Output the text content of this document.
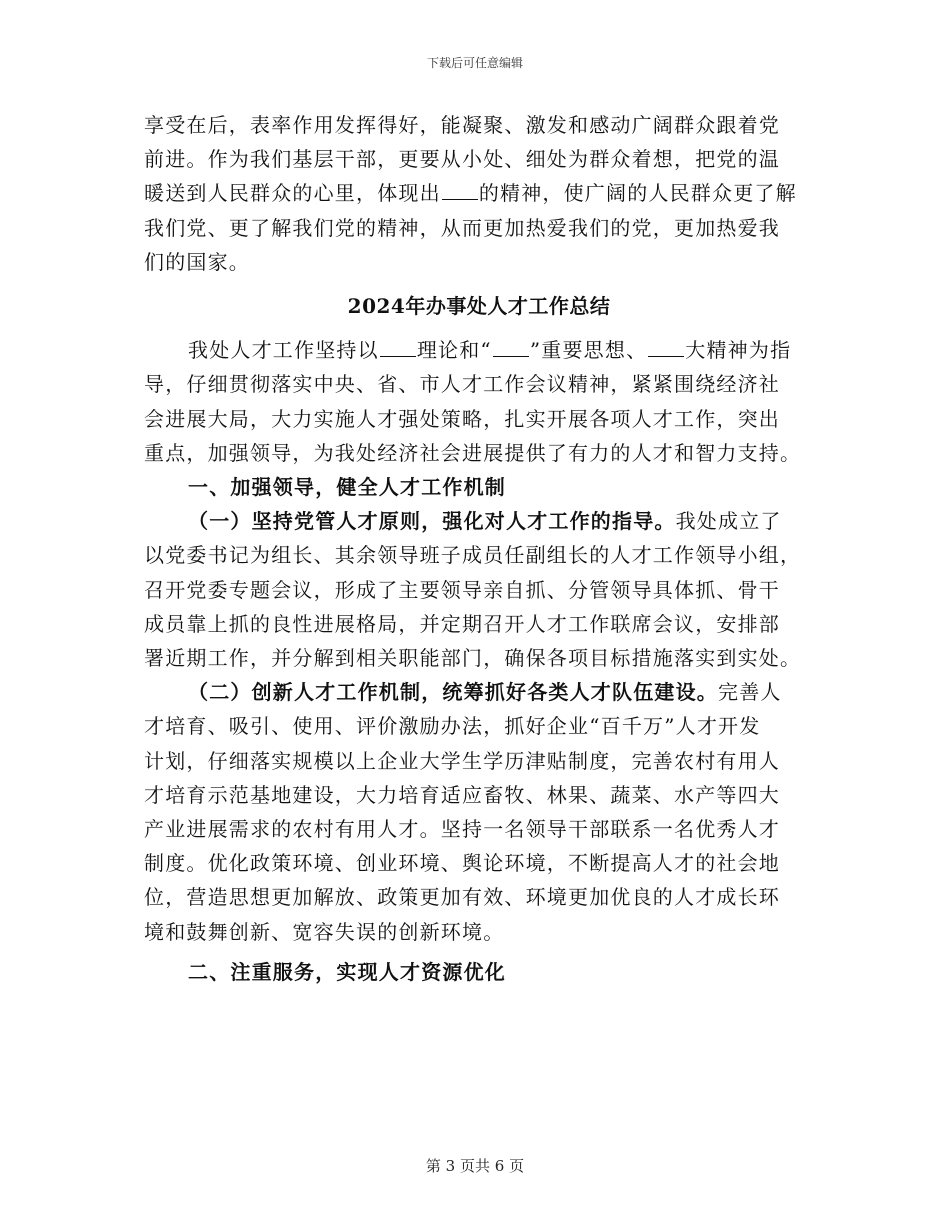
下载后可任意编辑
享受在后，表率作用发挥得好，能凝聚、激发和感动广阔群众跟着党
前进。作为我们基层干部，更要从小处、细处为群众着想，把党的温
暖送到人民群众的心里，体现出 的精神，使广阔的人民群众更了解
我们党、更了解我们党的精神，从而更加热爱我们的党，更加热爱我
们的国家。
2024年办事处人才工作总结
我处人才工作坚持以 理论和“ ”重要思想、 大精神为指
导，仔细贯彻落实中央、省、市人才工作会议精神，紧紧围绕经济社
会进展大局，大力实施人才强处策略，扎实开展各项人才工作，突出
重点，加强领导，为我处经济社会进展提供了有力的人才和智力支持。
一、加强领导，健全人才工作机制
（一）坚持党管人才原则，强化对人才工作的指导。我处成立了
以党委书记为组长、其余领导班子成员任副组长的人才工作领导小组，
召开党委专题会议，形成了主要领导亲自抓、分管领导具体抓、骨干
成员靠上抓的良性进展格局，并定期召开人才工作联席会议，安排部
署近期工作，并分解到相关职能部门，确保各项目标措施落实到实处。
（二）创新人才工作机制，统筹抓好各类人才队伍建设。完善人
才培育、吸引、使用、评价激励办法，抓好企业“百千万”人才开发
计划，仔细落实规模以上企业大学生学历津贴制度，完善农村有用人
才培育示范基地建设，大力培育适应畜牧、林果、蔬菜、水产等四大
产业进展需求的农村有用人才。坚持一名领导干部联系一名优秀人才
制度。优化政策环境、创业环境、舆论环境，不断提高人才的社会地
位，营造思想更加解放、政策更加有效、环境更加优良的人才成长环
境和鼓舞创新、宽容失误的创新环境。
二、注重服务，实现人才资源优化
第 3 页共 6 页
